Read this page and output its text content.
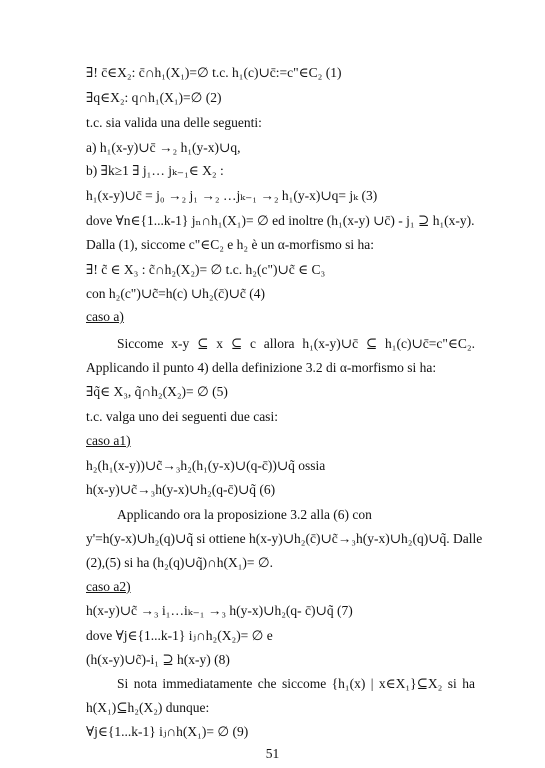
∃! c̄∈X₂: c̄∩h₁(X₁)=∅ t.c. h₁(c)∪c̄:=c"∈C₂ (1)
∃q∈X₂: q∩h₁(X₁)=∅ (2)
t.c. sia valida una delle seguenti:
a) h₁(x-y)∪c̄ →₂ h₁(y-x)∪q,
b) ∃k≥1 ∃ j₁… jₖ₋₁∈ X₂ :
h₁(x-y)∪c̄ = j₀ →₂ j₁ →₂ …jₖ₋₁ →₂ h₁(y-x)∪q= jₖ (3)
dove ∀n∈{1...k-1} jₙ∩h₁(X₁)= ∅ ed inoltre (h₁(x-y) ∪c̄) - j₁ ⊇ h₁(x-y).
Dalla (1), siccome c"∈C₂ e h₂ è un α-morfismo si ha:
∃! c̃ ∈ X₃ : c̃∩h₂(X₂)= ∅ t.c. h₂(c")∪c̃ ∈ C₃
con h₂(c")∪c̃=h(c) ∪h₂(c̄)∪c̃ (4)
caso a)
Siccome x-y ⊆ x ⊆ c allora h₁(x-y)∪c̄ ⊆ h₁(c)∪c̄=c"∈C₂.
Applicando il punto 4) della definizione 3.2 di α-morfismo si ha:
∃q̃∈ X₃, q̃∩h₂(X₂)= ∅ (5)
t.c. valga uno dei seguenti due casi:
caso a1)
h₂(h₁(x-y))∪c̃→₃h₂(h₁(y-x)∪(q-c̄))∪q̃ ossia
h(x-y)∪c̃→₃h(y-x)∪h₂(q-c̄)∪q̃ (6)
Applicando ora la proposizione 3.2 alla (6) con
y'=h(y-x)∪h₂(q)∪q̃ si ottiene h(x-y)∪h₂(c̄)∪c̃→₃h(y-x)∪h₂(q)∪q̃. Dalle
(2),(5) si ha (h₂(q)∪q̃)∩h(X₁)= ∅.
caso a2)
h(x-y)∪c̃ →₃ i₁…iₖ₋₁ →₃ h(y-x)∪h₂(q- c̄)∪q̃ (7)
dove ∀j∈{1...k-1} iⱼ∩h₂(X₂)= ∅ e
(h(x-y)∪c̃)-i₁ ⊇ h(x-y) (8)
Si nota immediatamente che siccome {h₁(x) | x∈X₁}⊆X₂ si ha
h(X₁)⊆h₂(X₂) dunque:
∀j∈{1...k-1} iⱼ∩h(X₁)= ∅ (9)
51
